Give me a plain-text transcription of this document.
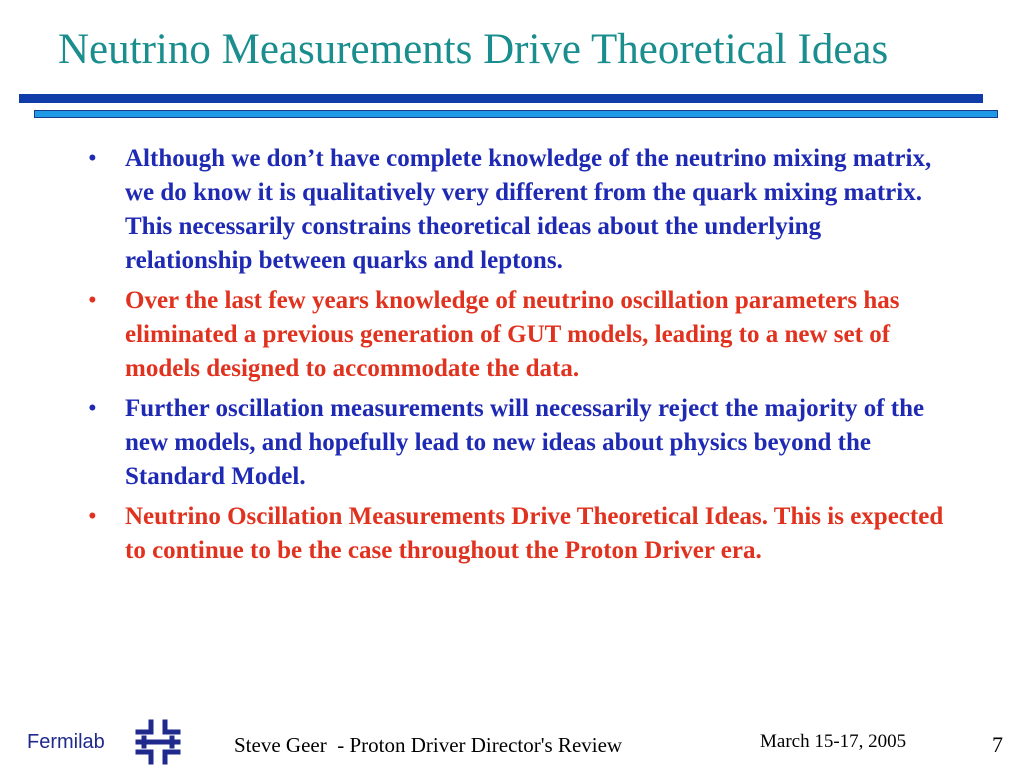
Neutrino Measurements Drive Theoretical Ideas
• Although we don’t have complete knowledge of the neutrino mixing matrix, we do know it is qualitatively very different from the quark mixing matrix. This necessarily constrains theoretical ideas about the underlying relationship between quarks and leptons.
• Over the last few years knowledge of neutrino oscillation parameters has eliminated a previous generation of GUT models, leading to a new set of models designed to accommodate the data.
• Further oscillation measurements will necessarily reject the majority of the new models, and hopefully lead to new ideas about physics beyond the Standard Model.
• Neutrino Oscillation Measurements Drive Theoretical Ideas. This is expected to continue to be the case throughout the Proton Driver era.
Fermilab	Steve Geer  - Proton Driver Director's Review	March 15-17, 2005	7
